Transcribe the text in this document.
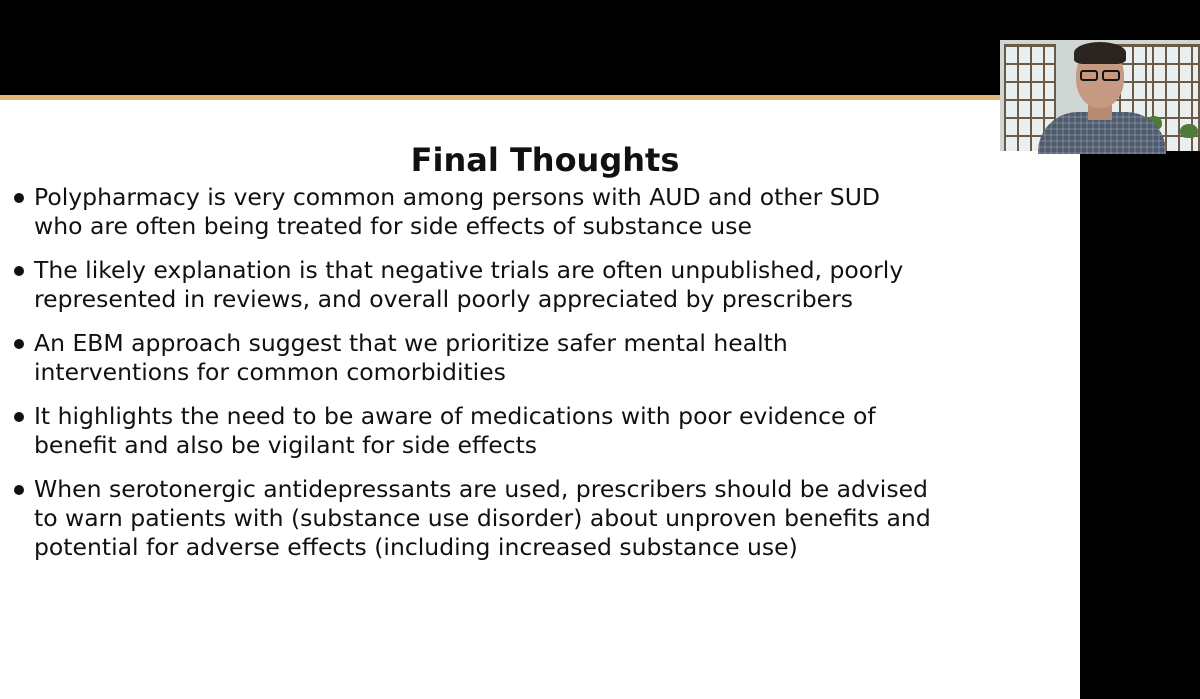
Final Thoughts
Polypharmacy is very common among persons with AUD and other SUD
who are often being treated for side effects of substance use
The likely explanation is that negative trials are often unpublished, poorly
represented in reviews, and overall poorly appreciated by prescribers
An EBM approach suggest that we prioritize safer mental health
interventions for common comorbidities
It highlights the need to be aware of medications with poor evidence of
benefit and also be vigilant for side effects
When serotonergic antidepressants are used, prescribers should be advised
to warn patients with (substance use disorder) about unproven benefits and
potential for adverse effects (including increased substance use)
